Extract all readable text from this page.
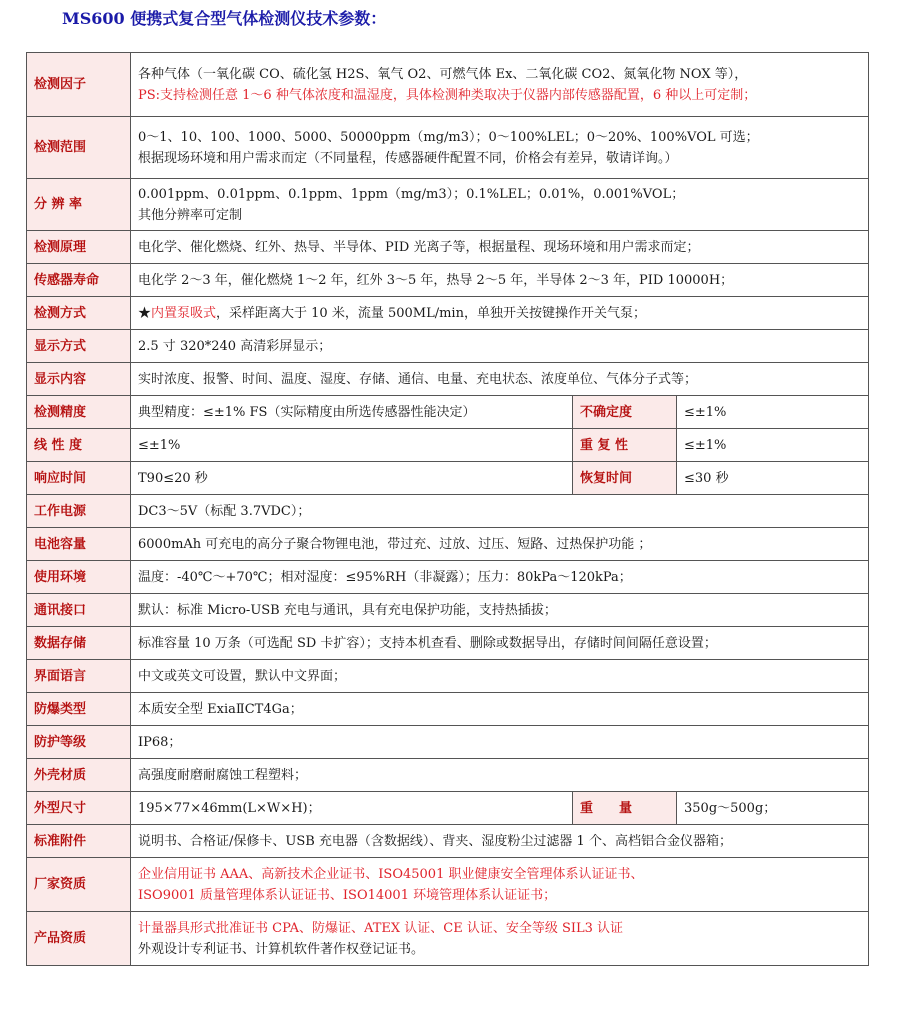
MS600 便携式复合型气体检测仪技术参数：
检测因子	各种气体（一氧化碳 CO、硫化氢 H2S、氧气 O2、可燃气体 Ex、二氧化碳 CO2、氮氧化物 NOX 等），
PS:支持检测任意 1～6 种气体浓度和温湿度，具体检测种类取决于仪器内部传感器配置，6 种以上可定制；		

检测范围	0～1、10、100、1000、5000、50000ppm（mg/m3）；0～100%LEL；0～20%、100%VOL 可选；
根据现场环境和用户需求而定（不同量程，传感器硬件配置不同，价格会有差异，敬请详询。）		

分 辨 率	0.001ppm、0.01ppm、0.1ppm、1ppm（mg/m3）；0.1%LEL；0.01%，0.001%VOL；
其他分辨率可定制		

检测原理	电化学、催化燃烧、红外、热导、半导体、PID 光离子等，根据量程、现场环境和用户需求而定；		
传感器寿命	电化学 2～3 年，催化燃烧 1～2 年，红外 3～5 年，热导 2～5 年，半导体 2～3 年，PID 10000H；		
检测方式	★内置泵吸式，采样距离大于 10 米，流量 500ML/min，单独开关按键操作开关气泵；		
显示方式	2.5 寸 320*240 高清彩屏显示；		
显示内容	实时浓度、报警、时间、温度、湿度、存储、通信、电量、充电状态、浓度单位、气体分子式等；		
检测精度	典型精度：≤±1% FS（实际精度由所选传感器性能决定）	不确定度	≤±1%
线 性 度	≤±1%	重 复 性	≤±1%
响应时间	T90≤20 秒	恢复时间	≤30 秒
工作电源	DC3～5V（标配 3.7VDC）；		
电池容量	6000mAh 可充电的高分子聚合物锂电池，带过充、过放、过压、短路、过热保护功能 ；		
使用环境	温度：-40℃～+70℃；相对湿度：≤95%RH（非凝露）；压力：80kPa～120kPa；		
通讯接口	默认：标准 Micro-USB 充电与通讯，具有充电保护功能，支持热插拔；		
数据存储	标准容量 10 万条（可选配 SD 卡扩容）；支持本机查看、删除或数据导出，存储时间间隔任意设置；		
界面语言	中文或英文可设置，默认中文界面；		
防爆类型	本质安全型 ExiaⅡCT4Ga；		
防护等级	IP68；		
外壳材质	高强度耐磨耐腐蚀工程塑料；		
外型尺寸	195×77×46mm(L×W×H)；	重　　量	350g～500g；
标准附件	说明书、合格证/保修卡、USB 充电器（含数据线）、背夹、湿度粉尘过滤器 1 个、高档铝合金仪器箱；		
厂家资质	企业信用证书 AAA、高新技术企业证书、ISO45001 职业健康安全管理体系认证证书、
ISO9001 质量管理体系认证证书、ISO14001 环境管理体系认证证书；		

产品资质	计量器具形式批准证书 CPA、防爆证、ATEX 认证、CE 认证、安全等级 SIL3 认证
外观设计专利证书、计算机软件著作权登记证书。		
